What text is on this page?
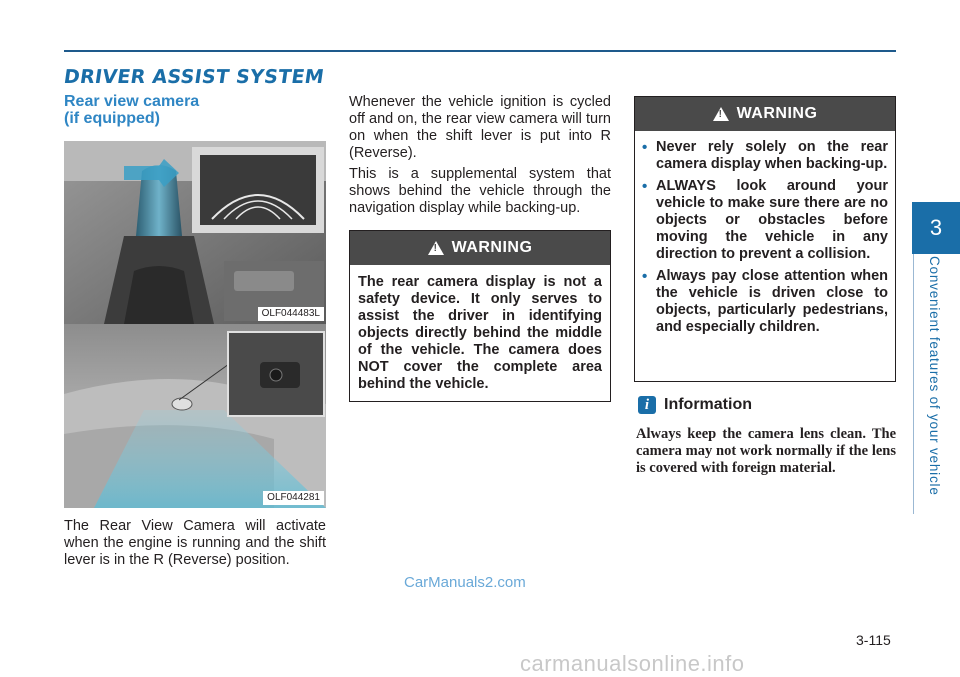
DRIVER ASSIST SYSTEM
Rear view camera
(if equipped)
OLF044483L
OLF044281

The Rear View Camera will activate when the engine is running and the shift lever is in the R (Reverse) position.

Whenever the vehicle ignition is cycled off and on, the rear view camera will turn on when the shift lever is put into R (Reverse).

This is a supplemental system that shows behind the vehicle through the navigation display while backing-up.

!
WARNING
The rear camera display is not a safety device. It only serves to assist the driver in identifying objects directly behind the middle of the vehicle. The camera does NOT cover the complete area behind the vehicle.
!
WARNING
• Never rely solely on the rear camera display when backing-up.
• ALWAYS look around your vehicle to make sure there are no objects or obstacles before moving the vehicle in any direction to prevent a collision.
• Always pay close attention when the vehicle is driven close to objects, particularly pedestrians, and especially children.
i Information

Always keep the camera lens clean. The camera may not work normally if the lens is covered with foreign material.

3
Convenient features of your vehicle
3-115
CarManuals2.com
carmanualsonline.info
